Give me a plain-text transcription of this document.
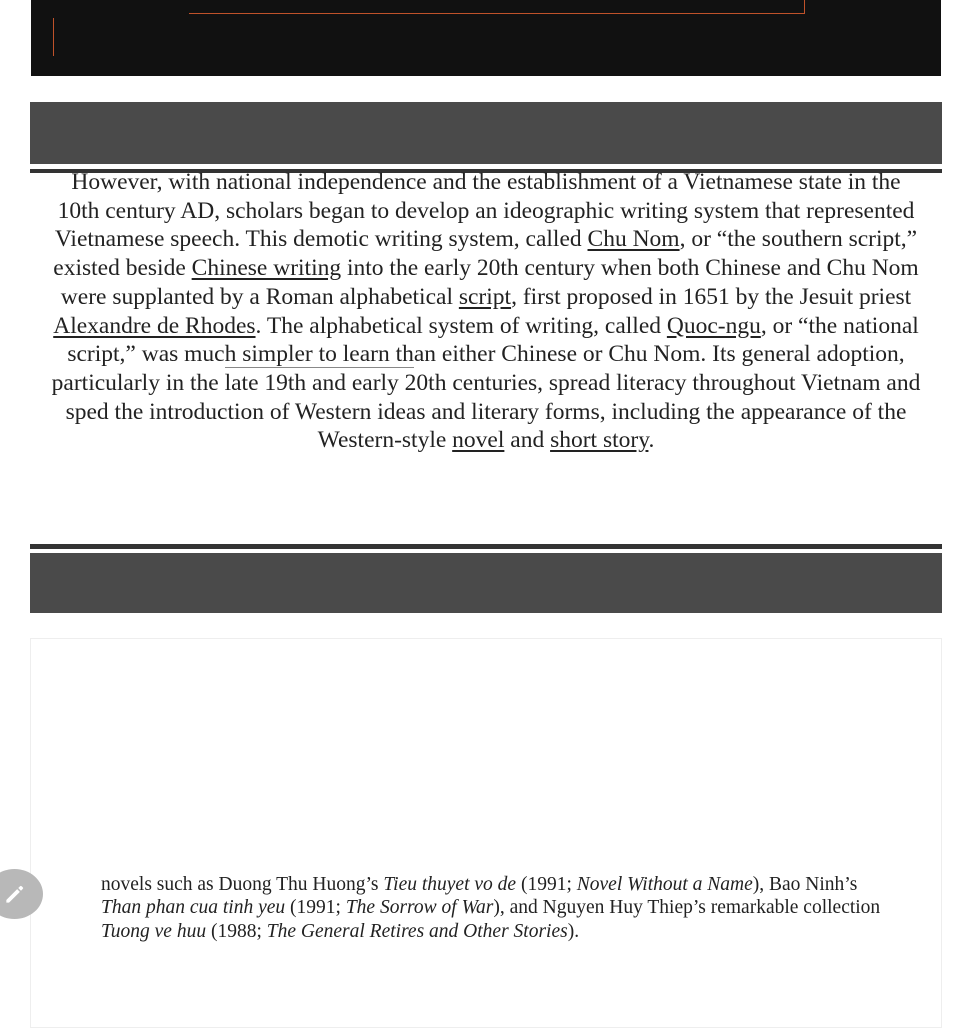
However, with national independence and the establishment of a Vietnamese state in the 10th century AD, scholars began to develop an ideographic writing system that represented Vietnamese speech. This demotic writing system, called Chu Nom, or “the southern script,” existed beside Chinese writing into the early 20th century when both Chinese and Chu Nom were supplanted by a Roman alphabetical script, first proposed in 1651 by the Jesuit priest Alexandre de Rhodes. The alphabetical system of writing, called Quoc-ngu, or “the national script,” was much simpler to learn than either Chinese or Chu Nom. Its general adoption, particularly in the late 19th and early 20th centuries, spread literacy throughout Vietnam and sped the introduction of Western ideas and literary forms, including the appearance of the Western-style novel and short story.
novels such as Duong Thu Huong’s Tieu thuyet vo de (1991; Novel Without a Name), Bao Ninh’s Than phan cua tinh yeu (1991; The Sorrow of War), and Nguyen Huy Thiep’s remarkable collection Tuong ve huu (1988; The General Retires and Other Stories).
